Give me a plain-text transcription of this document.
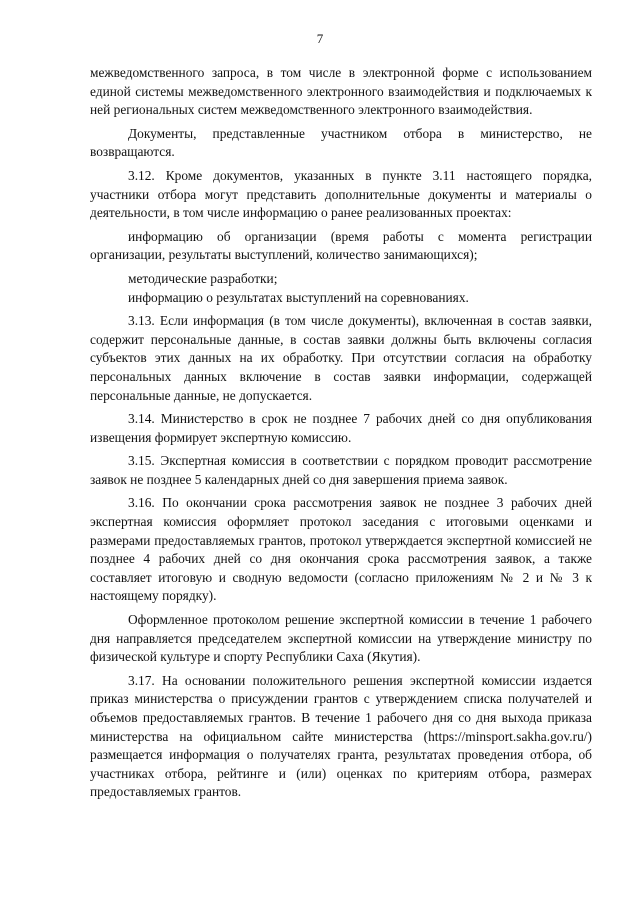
7

межведомственного запроса, в том числе в электронной форме с использованием единой системы межведомственного электронного взаимодействия и подключаемых к ней региональных систем межведомственного электронного взаимодействия.

Документы, представленные участником отбора в министерство, не возвращаются.

3.12. Кроме документов, указанных в пункте 3.11 настоящего порядка, участники отбора могут представить дополнительные документы и материалы о деятельности, в том числе информацию о ранее реализованных проектах:

информацию об организации (время работы с момента регистрации организации, результаты выступлений, количество занимающихся);

методические разработки;

информацию о результатах выступлений на соревнованиях.

3.13. Если информация (в том числе документы), включенная в состав заявки, содержит персональные данные, в состав заявки должны быть включены согласия субъектов этих данных на их обработку. При отсутствии согласия на обработку персональных данных включение в состав заявки информации, содержащей персональные данные, не допускается.

3.14. Министерство в срок не позднее 7 рабочих дней со дня опубликования извещения формирует экспертную комиссию.

3.15. Экспертная комиссия в соответствии с порядком проводит рассмотрение заявок не позднее 5 календарных дней со дня завершения приема заявок.

3.16. По окончании срока рассмотрения заявок не позднее 3 рабочих дней экспертная комиссия оформляет протокол заседания с итоговыми оценками и размерами предоставляемых грантов, протокол утверждается экспертной комиссией не позднее 4 рабочих дней со дня окончания срока рассмотрения заявок, а также составляет итоговую и сводную ведомости (согласно приложениям № 2 и № 3 к настоящему порядку).

Оформленное протоколом решение экспертной комиссии в течение 1 рабочего дня направляется председателем экспертной комиссии на утверждение министру по физической культуре и спорту Республики Саха (Якутия).

3.17. На основании положительного решения экспертной комиссии издается приказ министерства о присуждении грантов с утверждением списка получателей и объемов предоставляемых грантов. В течение 1 рабочего дня со дня выхода приказа министерства на официальном сайте министерства (https://minsport.sakha.gov.ru/) размещается информация о получателях гранта, результатах проведения отбора, об участниках отбора, рейтинге и (или) оценках по критериям отбора, размерах предоставляемых грантов.
